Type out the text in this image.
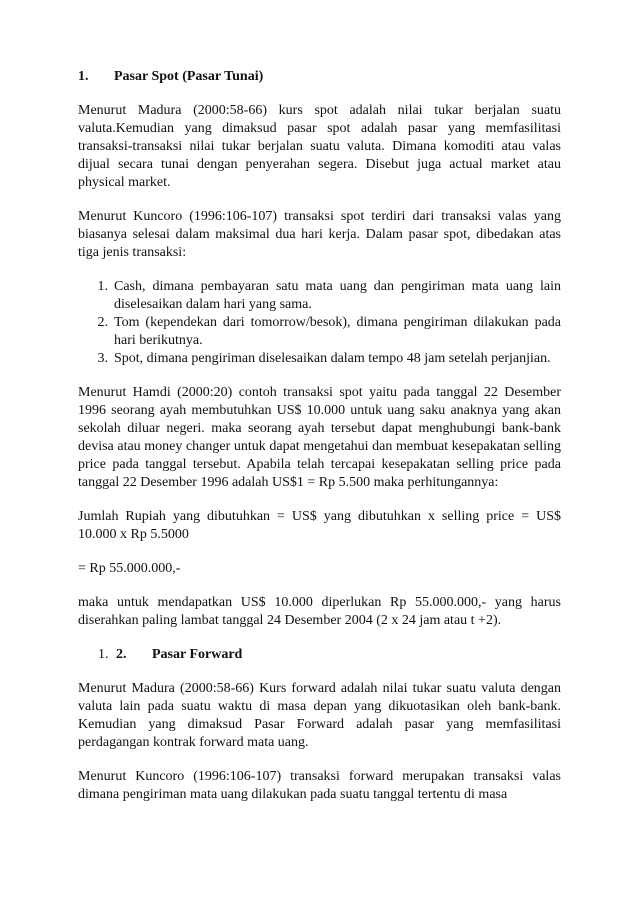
1.	Pasar Spot (Pasar Tunai)

Menurut Madura (2000:58-66) kurs spot adalah nilai tukar berjalan suatu valuta.Kemudian yang dimaksud pasar spot adalah pasar yang memfasilitasi transaksi-transaksi nilai tukar berjalan suatu valuta. Dimana komoditi atau valas dijual secara tunai dengan penyerahan segera. Disebut juga actual market atau physical market.

Menurut Kuncoro (1996:106-107) transaksi spot terdiri dari transaksi valas yang biasanya selesai dalam maksimal dua hari kerja. Dalam pasar spot, dibedakan atas tiga jenis transaksi:

1. Cash, dimana pembayaran satu mata uang dan pengiriman mata uang lain diselesaikan dalam hari yang sama.
2. Tom (kependekan dari tomorrow/besok), dimana pengiriman dilakukan pada hari berikutnya.
3. Spot, dimana pengiriman diselesaikan dalam tempo 48 jam setelah perjanjian.

Menurut Hamdi (2000:20) contoh transaksi spot yaitu pada tanggal 22 Desember 1996 seorang ayah membutuhkan US$ 10.000 untuk uang saku anaknya yang akan sekolah diluar negeri. maka seorang ayah tersebut dapat menghubungi bank-bank devisa atau money changer untuk dapat mengetahui dan membuat kesepakatan selling price pada tanggal tersebut. Apabila telah tercapai kesepakatan selling price pada tanggal 22 Desember 1996 adalah US$1 = Rp 5.500 maka perhitungannya:

Jumlah Rupiah yang dibutuhkan = US$ yang dibutuhkan x selling price = US$ 10.000 x Rp 5.5000

= Rp 55.000.000,-

maka untuk mendapatkan US$ 10.000 diperlukan Rp 55.000.000,- yang harus diserahkan paling lambat tanggal 24 Desember 2004 (2 x 24 jam atau t +2).

1. 2.	Pasar Forward

Menurut Madura (2000:58-66) Kurs forward adalah nilai tukar suatu valuta dengan valuta lain pada suatu waktu di masa depan yang dikuotasikan oleh bank-bank. Kemudian yang dimaksud Pasar Forward adalah pasar yang memfasilitasi perdagangan kontrak forward mata uang.

Menurut Kuncoro (1996:106-107) transaksi forward merupakan transaksi valas dimana pengiriman mata uang dilakukan pada suatu tanggal tertentu di masa
